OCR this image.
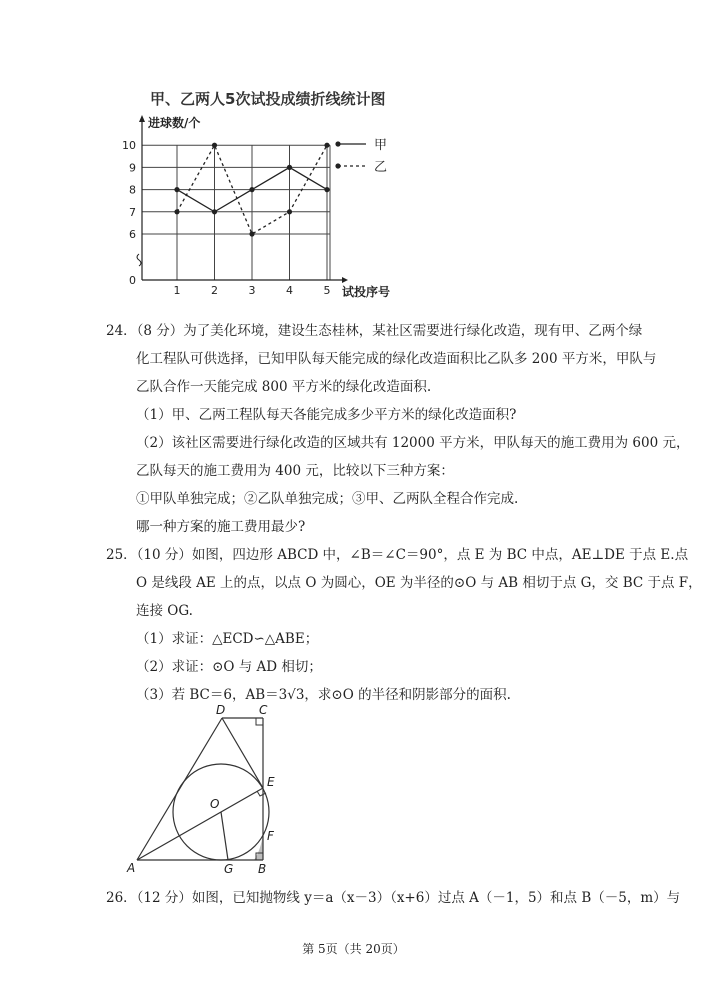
甲、乙两人5次试投成绩折线统计图
0
6
7
8
9
10
1	2	3	4	5
进球数/个
试投序号
甲
乙
24．（8 分）为了美化环境，建设生态桂林，某社区需要进行绿化改造，现有甲、乙两个绿
化工程队可供选择，已知甲队每天能完成的绿化改造面积比乙队多 200 平方米，甲队与
乙队合作一天能完成 800 平方米的绿化改造面积.
（1）甲、乙两工程队每天各能完成多少平方米的绿化改造面积?
（2）该社区需要进行绿化改造的区域共有 12000 平方米，甲队每天的施工费用为 600 元，
乙队每天的施工费用为 400 元，比较以下三种方案：
①甲队单独完成；②乙队单独完成；③甲、乙两队全程合作完成.
哪一种方案的施工费用最少?
25．（10 分）如图，四边形 ABCD 中，∠B＝∠C＝90°，点 E 为 BC 中点，AE⊥DE 于点 E.点
O 是线段 AE 上的点，以点 O 为圆心，OE 为半径的⊙O 与 AB 相切于点 G，交 BC 于点 F，
连接 OG.
（1）求证：△ECD∽△ABE；
（2）求证：⊙O 与 AD 相切；
（3）若 BC＝6，AB＝3√3，求⊙O 的半径和阴影部分的面积.
D	C
E
O
F
A	G B
26．（12 分）如图，已知抛物线 y＝a（x－3）（x+6）过点 A（－1，5）和点 B（－5，m）与
第 5页（共 20页）
